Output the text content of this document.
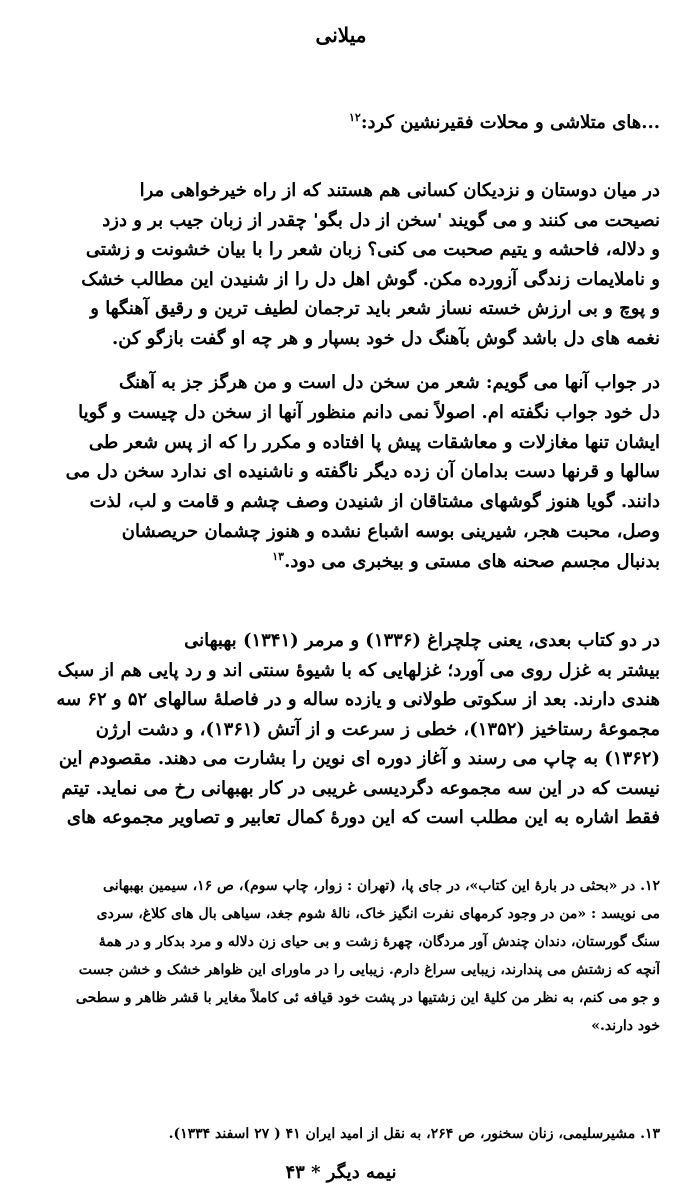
میلانی
...های متلاشی و محلات فقیرنشین کرد:$^{۱۲}$
در میان دوستان و نزدیکان کسانی هم هستند که از راه خیرخواهی مرا
نصیحت می کنند و می گویند 'سخن از دل بگو' چقدر از زبان جیب بر و دزد
و دلاله، فاحشه و یتیم صحبت می کنی؟ زبان شعر را با بیان خشونت و زشتی
و ناملایمات زندگی آزورده مکن. گوش اهل دل را از شنیدن این مطالب خشک
و پوچ و بی ارزش خسته نساز شعر باید ترجمان لطیف ترین و رقیق آهنگها و
نغمه های دل باشد گوش بآهنگ دل خود بسپار و هر چه او گفت بازگو کن.
در جواب آنها می گویم: شعر من سخن دل است و من هرگز جز به آهنگ
دل خود جواب نگفته ام. اصولاً نمی دانم منظور آنها از سخن دل چیست و گویا
ایشان تنها مغازلات و معاشقات پیش پا افتاده و مکرر را که از پس شعر طی
سالها و قرنها دست بدامان آن زده دیگر ناگفته و ناشنیده ای ندارد سخن دل می
دانند. گویا هنوز گوشهای مشتاقان از شنیدن وصف چشم و قامت و لب، لذت
وصل، محبت هجر، شیرینی بوسه اشباع نشده و هنوز چشمان حریصشان
بدنبال مجسم صحنه های مستی و بیخبری می دود.$^{۱۳}$
در دو کتاب بعدی، یعنی چلچراغ (۱۳۳۶) و مرمر (۱۳۴۱) بهبهانی
بیشتر به غزل روی می آورد؛ غزلهایی که با شیوهٔ سنتی اند و رد پایی هم از سبک
هندی دارند. بعد از سکوتی طولانی و یازده ساله و در فاصلهٔ سالهای ۵۲ و ۶۲ سه
مجموعهٔ رستاخیز (۱۳۵۲)، خطی ز سرعت و از آتش (۱۳۶۱)، و دشت ارژن
(۱۳۶۲) به چاپ می رسند و آغاز دوره ای نوین را بشارت می دهند. مقصودم این
نیست که در این سه مجموعه دگردیسی غریبی در کار بهبهانی رخ می نماید. تیتم
فقط اشاره به این مطلب است که این دورهٔ کمال تعابیر و تصاویر مجموعه های
۱۲. در «بحثی در بارهٔ این کتاب»، در جای پا، (تهران : زوار، چاپ سوم)، ص ۱۶، سیمین بهبهانی
می نویسد : «من در وجود کرمهای نفرت انگیز خاک، نالهٔ شوم جغد، سیاهی بال های کلاغ، سردی
سنگ گورستان، دندان چندش آور مردگان، چهرهٔ زشت و بی حیای زن دلاله و مرد بدکار و در همهٔ
آنچه که زشتش می پندارند، زیبایی سراغ دارم. زیبایی را در ماورای این ظواهر خشک و خشن جست
و جو می کنم، به نظر من کلیهٔ این زشتیها در پشت خود قیافه ئی کاملاً مغایر با قشر ظاهر و سطحی
خود دارند.»
۱۳. مشیرسلیمی، زنان سخنور، ص ۲۶۴، به نقل از امید ایران ۴۱ ( ۲۷ اسفند ۱۳۳۴).
نیمه دیگر * ۴۳
